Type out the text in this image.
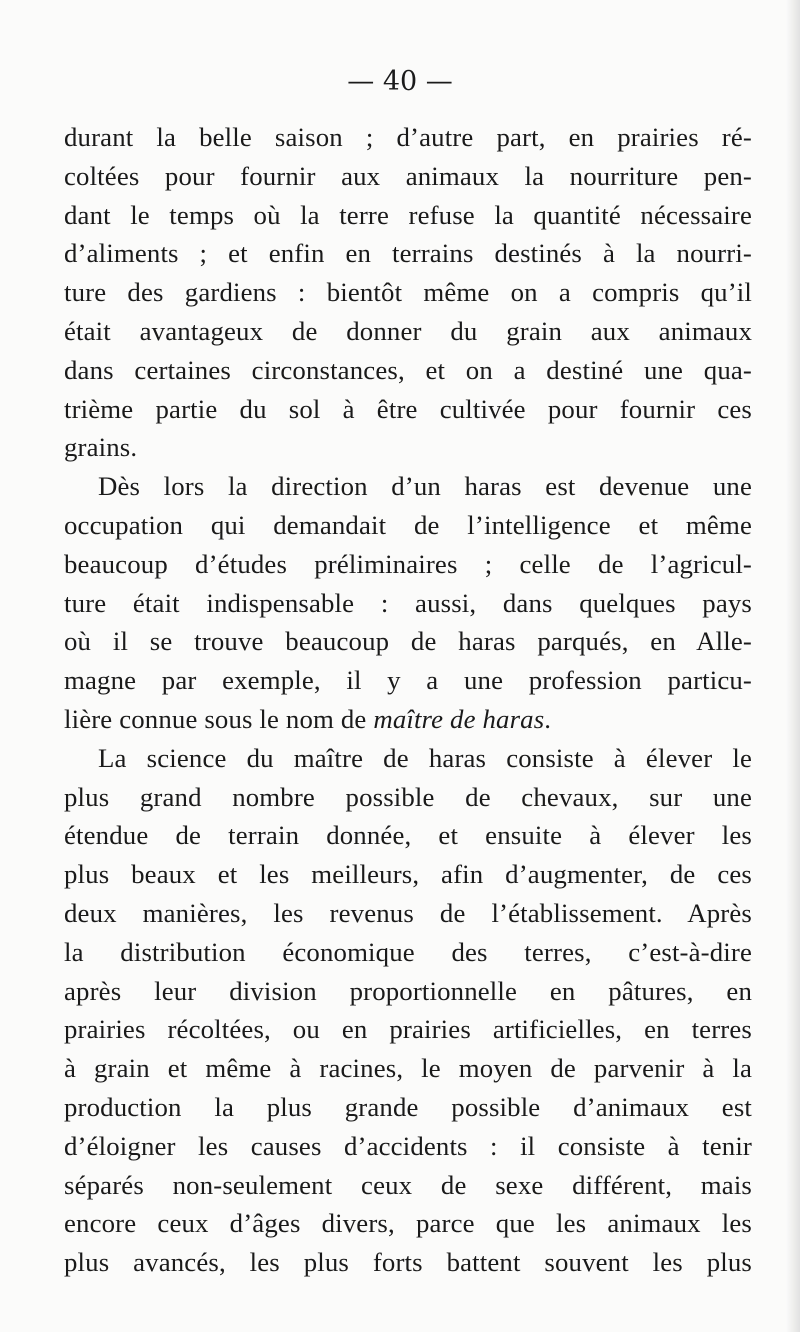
— 40 —

durant la belle saison ; d’autre part, en prairies ré-
coltées pour fournir aux animaux la nourriture pen-
dant le temps où la terre refuse la quantité nécessaire
d’aliments ; et enfin en terrains destinés à la nourri-
ture des gardiens : bientôt même on a compris qu’il
était avantageux de donner du grain aux animaux
dans certaines circonstances, et on a destiné une qua-
trième partie du sol à être cultivée pour fournir ces
grains.

Dès lors la direction d’un haras est devenue une
occupation qui demandait de l’intelligence et même
beaucoup d’études préliminaires ; celle de l’agricul-
ture était indispensable : aussi, dans quelques pays
où il se trouve beaucoup de haras parqués, en Alle-
magne par exemple, il y a une profession particu-
lière connue sous le nom de maître de haras.

La science du maître de haras consiste à élever le
plus grand nombre possible de chevaux, sur une
étendue de terrain donnée, et ensuite à élever les
plus beaux et les meilleurs, afin d’augmenter, de ces
deux manières, les revenus de l’établissement. Après
la distribution économique des terres, c’est-à-dire
après leur division proportionnelle en pâtures, en
prairies récoltées, ou en prairies artificielles, en terres
à grain et même à racines, le moyen de parvenir à la
production la plus grande possible d’animaux est
d’éloigner les causes d’accidents : il consiste à tenir
séparés non-seulement ceux de sexe différent, mais
encore ceux d’âges divers, parce que les animaux les
plus avancés, les plus forts battent souvent les plus
